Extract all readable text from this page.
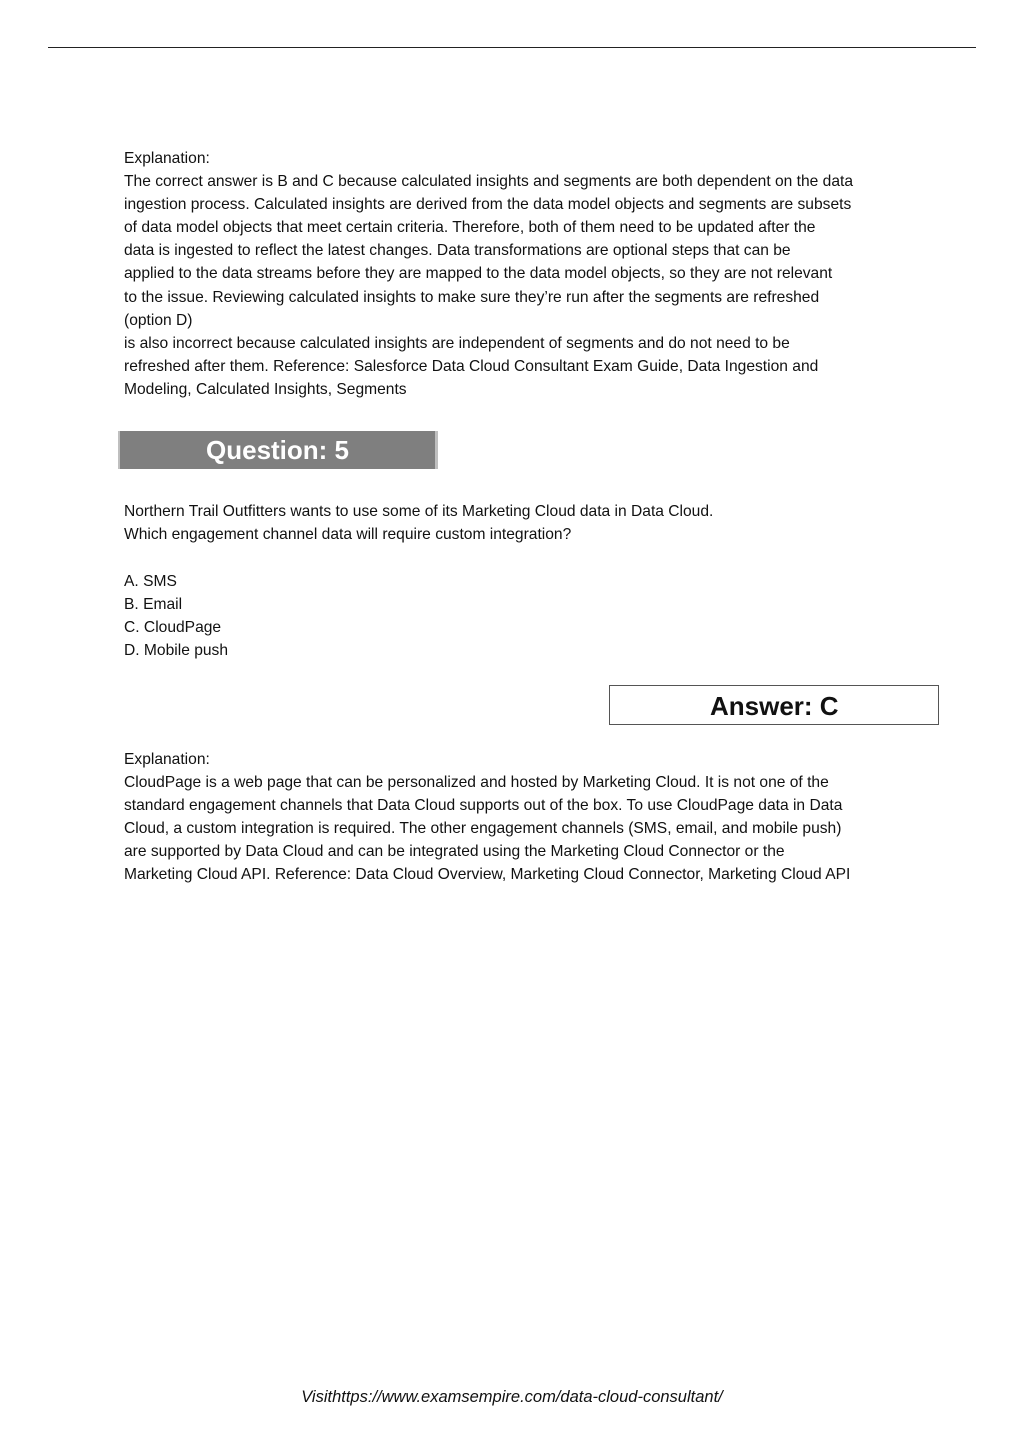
Explanation:
The correct answer is B and C because calculated insights and segments are both dependent on the data
ingestion process. Calculated insights are derived from the data model objects and segments are subsets
of data model objects that meet certain criteria. Therefore, both of them need to be updated after the
data is ingested to reflect the latest changes. Data transformations are optional steps that can be
applied to the data streams before they are mapped to the data model objects, so they are not relevant
to the issue. Reviewing calculated insights to make sure they’re run after the segments are refreshed
(option D)
is also incorrect because calculated insights are independent of segments and do not need to be
refreshed after them. Reference: Salesforce Data Cloud Consultant Exam Guide, Data Ingestion and
Modeling, Calculated Insights, Segments
Question: 5
Northern Trail Outfitters wants to use some of its Marketing Cloud data in Data Cloud.
Which engagement channel data will require custom integration?
A. SMS
B. Email
C. CloudPage
D. Mobile push
Answer: C
Explanation:
CloudPage is a web page that can be personalized and hosted by Marketing Cloud. It is not one of the
standard engagement channels that Data Cloud supports out of the box. To use CloudPage data in Data
Cloud, a custom integration is required. The other engagement channels (SMS, email, and mobile push)
are supported by Data Cloud and can be integrated using the Marketing Cloud Connector or the
Marketing Cloud API. Reference: Data Cloud Overview, Marketing Cloud Connector, Marketing Cloud API
Visithttps://www.examsempire.com/data-cloud-consultant/
